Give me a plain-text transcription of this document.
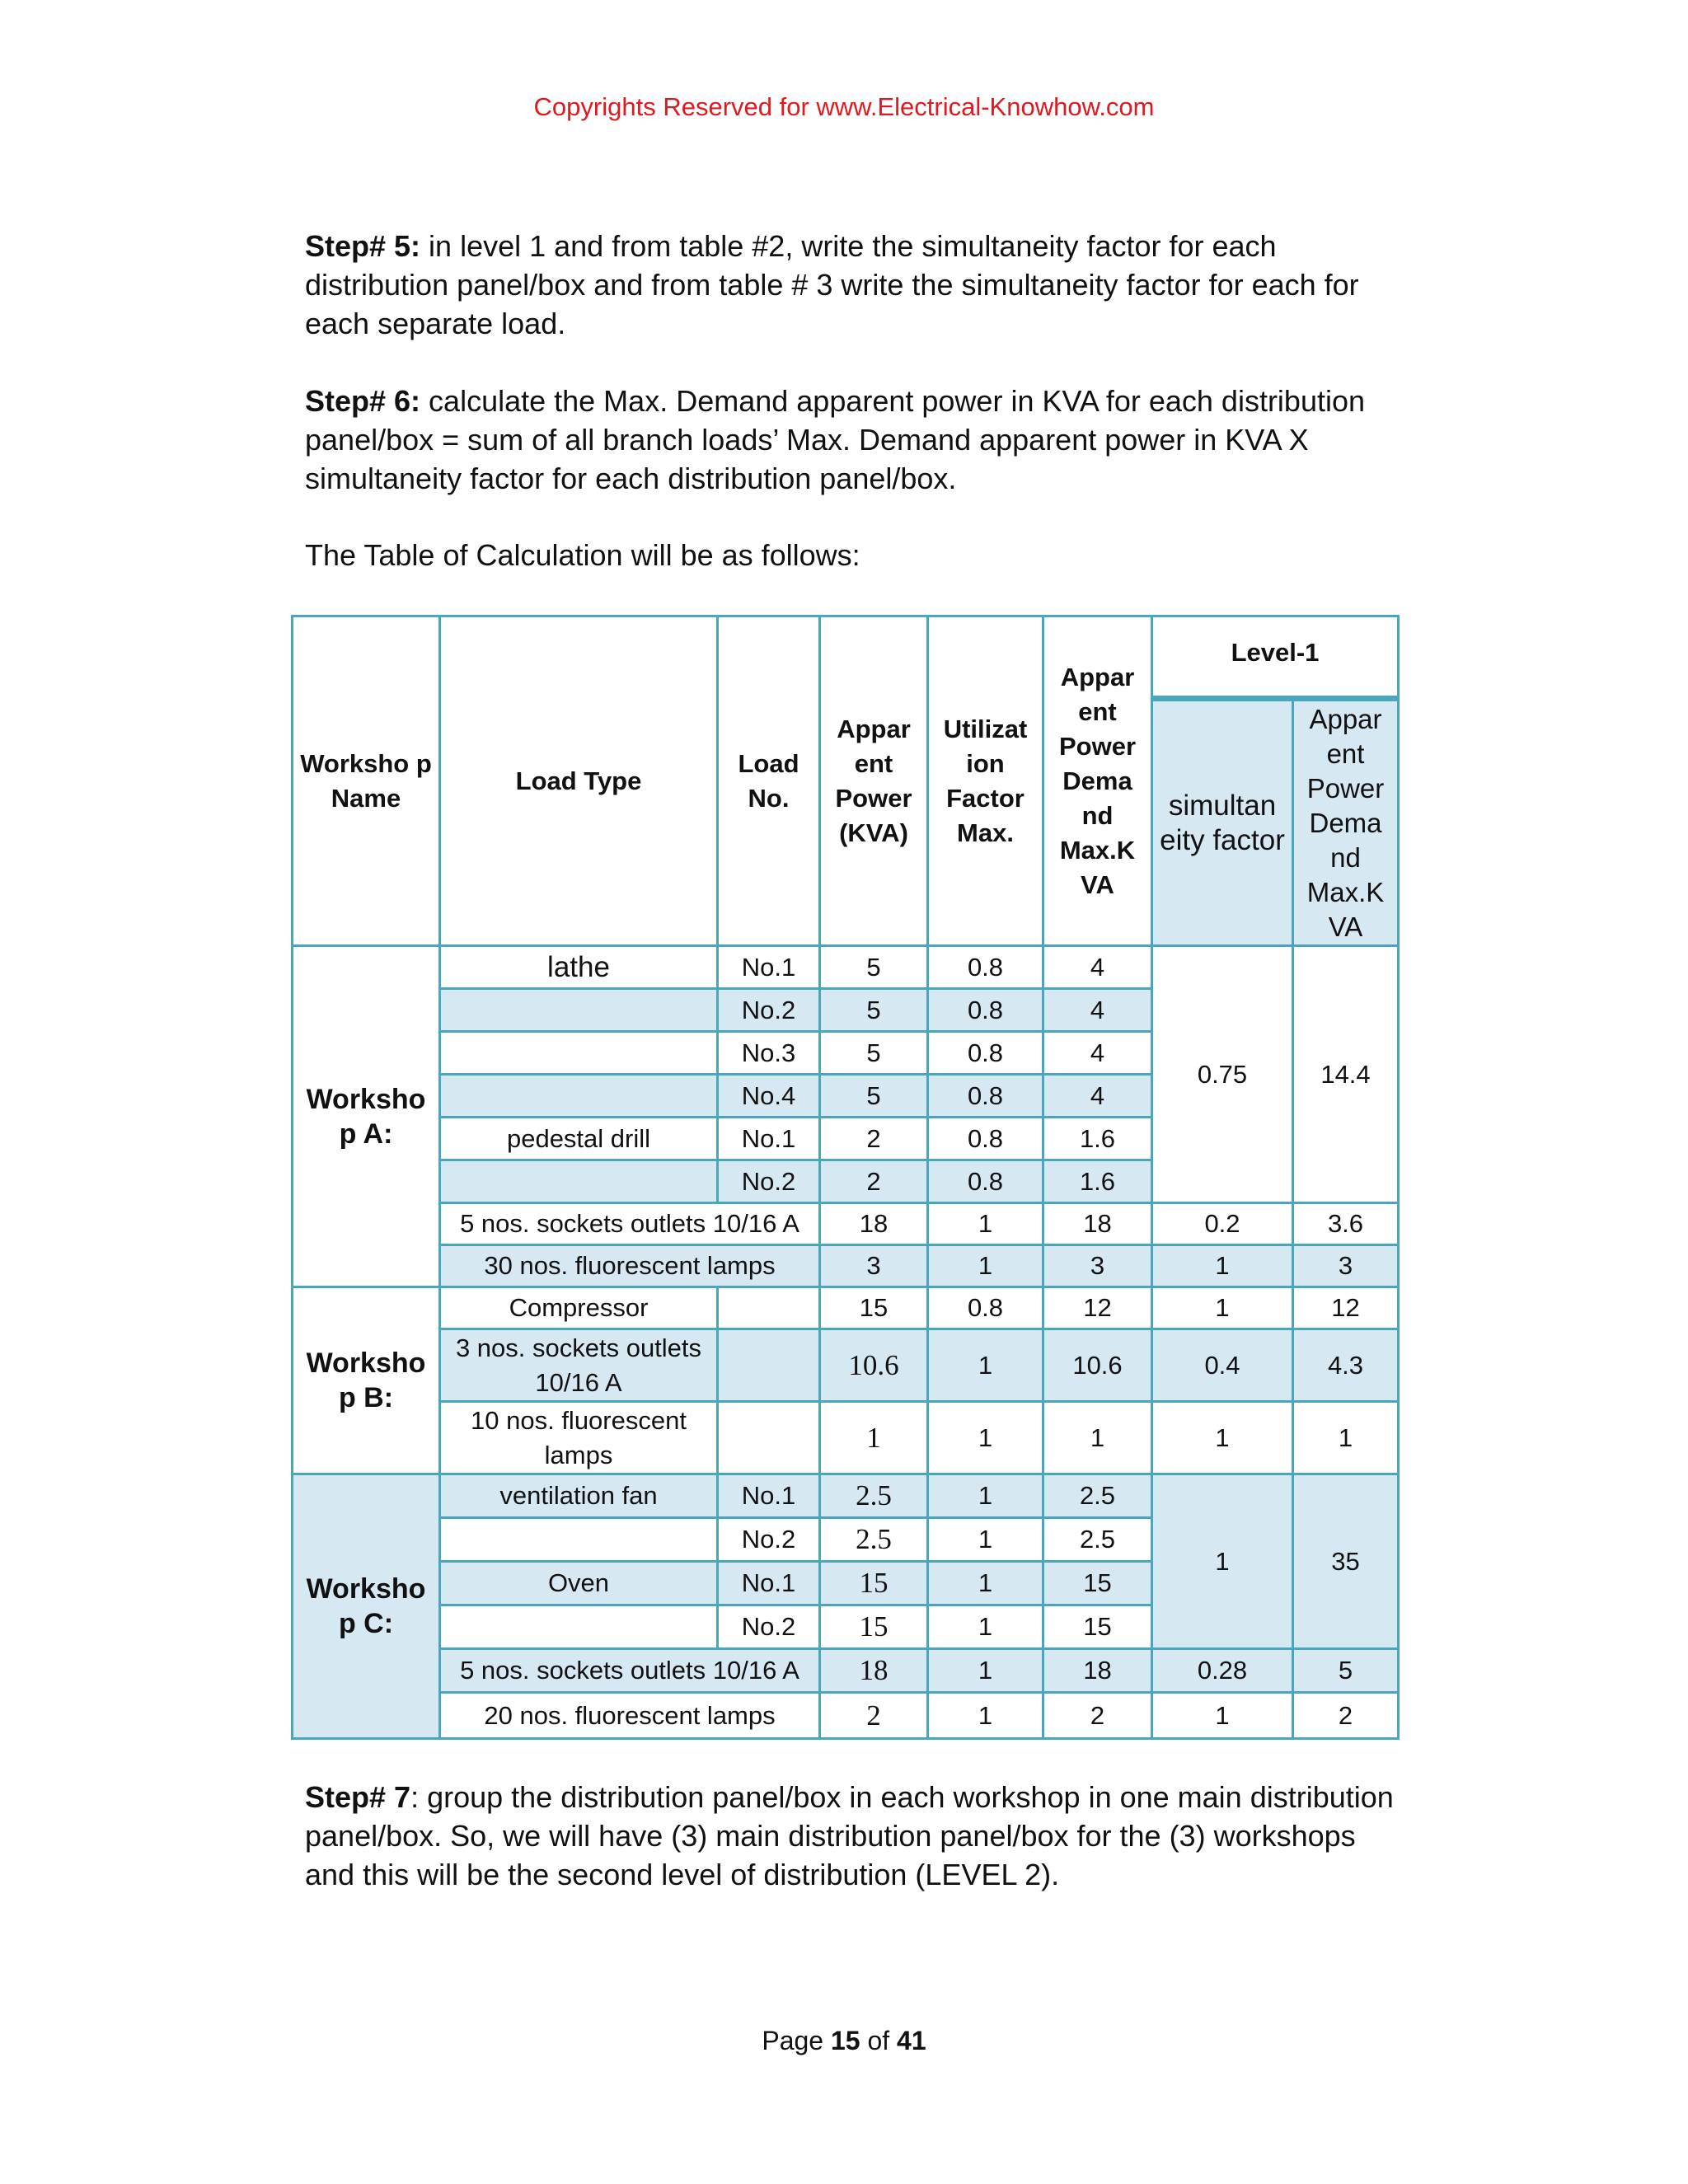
Copyrights Reserved for www.Electrical-Knowhow.com

Step# 5: in level 1 and from table #2, write the simultaneity factor for each distribution panel/box and from table # 3 write the simultaneity factor for each for each separate load.

Step# 6: calculate the Max. Demand apparent power in KVA for each distribution panel/box = sum of all branch loads’ Max. Demand apparent power in KVA X simultaneity factor for each distribution panel/box.

The Table of Calculation will be as follows:

Worksho p Name	Load Type	Load No.	Appar ent Power (KVA)	Utilizat ion Factor Max.	Appar ent Power Dema nd Max.K VA	Level-1	
						simultan eity factor	Appar ent Power Dema nd Max.K VA
Worksho p A:	lathe	No.1	5	0.8	4	0.75	14.4
		No.2	5	0.8	4		
		No.3	5	0.8	4		
		No.4	5	0.8	4		
	pedestal drill	No.1	2	0.8	1.6		
		No.2	2	0.8	1.6		
	5 nos. sockets outlets 10/16 A		18	1	18	0.2	3.6
	30 nos. fluorescent lamps		3	1	3	1	3
Worksho p B:	Compressor		15	0.8	12	1	12
	3 nos. sockets outlets 10/16 A		10.6	1	10.6	0.4	4.3
	10 nos. fluorescent lamps		1	1	1	1	1
Worksho p C:	ventilation fan	No.1	2.5	1	2.5	1	35
		No.2	2.5	1	2.5		
	Oven	No.1	15	1	15		
		No.2	15	1	15		
	5 nos. sockets outlets 10/16 A		18	1	18	0.28	5
	20 nos. fluorescent lamps		2	1	2	1	2

Step# 7: group the distribution panel/box in each workshop in one main distribution panel/box. So, we will have (3) main distribution panel/box for the (3) workshops and this will be the second level of distribution (LEVEL 2).

Page 15 of 41
